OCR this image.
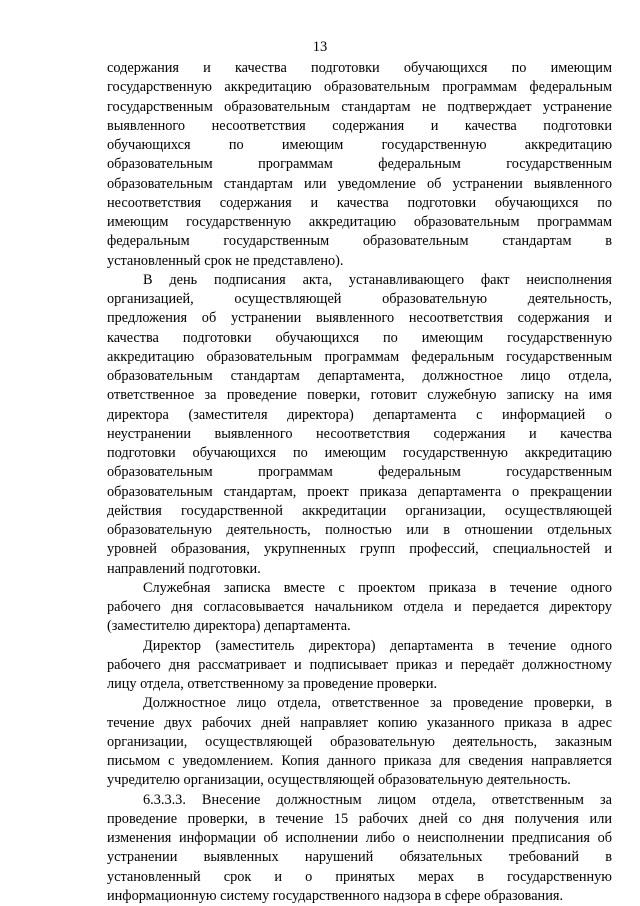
13
содержания и качества подготовки обучающихся по имеющим
государственную аккредитацию образовательным программам федеральным
государственным образовательным стандартам не подтверждает устранение
выявленного несоответствия содержания и качества подготовки
обучающихся по имеющим государственную аккредитацию
образовательным программам федеральным государственным
образовательным стандартам или уведомление об устранении выявленного
несоответствия содержания и качества подготовки обучающихся по
имеющим государственную аккредитацию образовательным программам
федеральным государственным образовательным стандартам в
установленный срок не представлено).
В день подписания акта, устанавливающего факт неисполнения
организацией, осуществляющей образовательную деятельность,
предложения об устранении выявленного несоответствия содержания и
качества подготовки обучающихся по имеющим государственную
аккредитацию образовательным программам федеральным государственным
образовательным стандартам департамента, должностное лицо отдела,
ответственное за проведение поверки, готовит служебную записку на имя
директора (заместителя директора) департамента с информацией о
неустранении выявленного несоответствия содержания и качества
подготовки обучающихся по имеющим государственную аккредитацию
образовательным программам федеральным государственным
образовательным стандартам, проект приказа департамента о прекращении
действия государственной аккредитации организации, осуществляющей
образовательную деятельность, полностью или в отношении отдельных
уровней образования, укрупненных групп профессий, специальностей и
направлений подготовки.
Служебная записка вместе с проектом приказа в течение одного
рабочего дня согласовывается начальником отдела и передается директору
(заместителю директора) департамента.
Директор (заместитель директора) департамента в течение одного
рабочего дня рассматривает и подписывает приказ и передаёт должностному
лицу отдела, ответственному за проведение проверки.
Должностное лицо отдела, ответственное за проведение проверки, в
течение двух рабочих дней направляет копию указанного приказа в адрес
организации, осуществляющей образовательную деятельность, заказным
письмом с уведомлением. Копия данного приказа для сведения направляется
учредителю организации, осуществляющей образовательную деятельность.
6.3.3.3. Внесение должностным лицом отдела, ответственным за
проведение проверки, в течение 15 рабочих дней со дня получения или
изменения информации об исполнении либо о неисполнении предписания об
устранении выявленных нарушений обязательных требований в
установленный срок и о принятых мерах в государственную
информационную систему государственного надзора в сфере образования.
